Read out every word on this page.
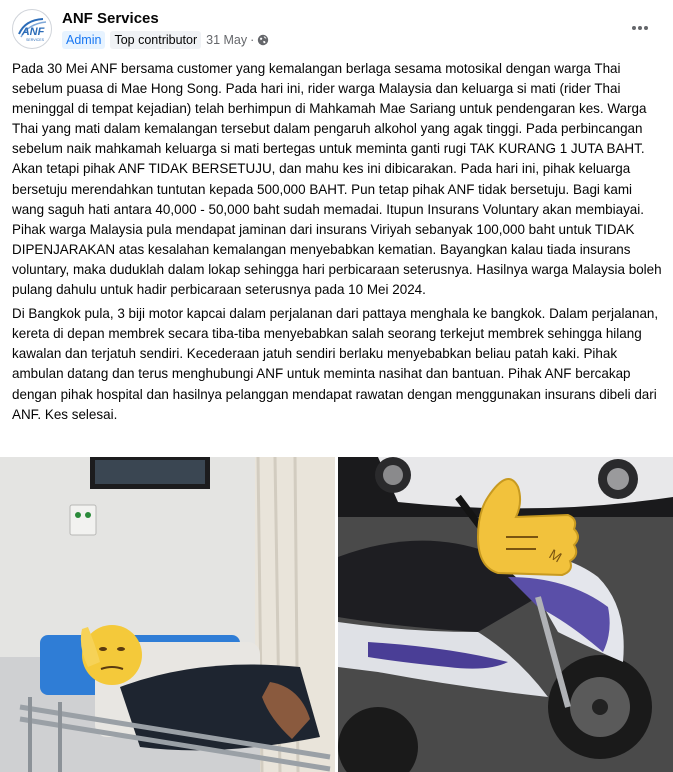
ANF
SERVICES
ANF Services
Admin	Top contributor 31 May ·

Pada 30 Mei ANF bersama customer yang kemalangan berlaga sesama motosikal dengan warga Thai sebelum puasa di Mae Hong Song. Pada hari ini, rider warga Malaysia dan keluarga si mati (rider Thai meninggal di tempat kejadian) telah berhimpun di Mahkamah Mae Sariang untuk pendengaran kes. Warga Thai yang mati dalam kemalangan tersebut dalam pengaruh alkohol yang agak tinggi. Pada perbincangan sebelum naik mahkamah keluarga si mati bertegas untuk meminta ganti rugi TAK KURANG 1 JUTA BAHT. Akan tetapi pihak ANF TIDAK BERSETUJU, dan mahu kes ini dibicarakan. Pada hari ini, pihak keluarga bersetuju merendahkan tuntutan kepada 500,000 BAHT. Pun tetap pihak ANF tidak bersetuju. Bagi kami wang saguh hati antara 40,000 - 50,000 baht sudah memadai. Itupun Insurans Voluntary akan membiayai. Pihak warga Malaysia pula mendapat jaminan dari insurans Viriyah sebanyak 100,000 baht untuk TIDAK DIPENJARAKAN atas kesalahan kemalangan menyebabkan kematian. Bayangkan kalau tiada insurans voluntary, maka duduklah dalam lokap sehingga hari perbicaraan seterusnya. Hasilnya warga Malaysia boleh pulang dahulu untuk hadir perbicaraan seterusnya pada 10 Mei 2024.

Di Bangkok pula, 3 biji motor kapcai dalam perjalanan dari pattaya menghala ke bangkok. Dalam perjalanan, kereta di depan membrek secara tiba-tiba menyebabkan salah seorang terkejut membrek sehingga hilang kawalan dan terjatuh sendiri. Kecederaan jatuh sendiri berlaku menyebabkan beliau patah kaki. Pihak ambulan datang dan terus menghubungi ANF untuk meminta nasihat dan bantuan. Pihak ANF bercakap dengan pihak hospital dan hasilnya pelanggan mendapat rawatan dengan menggunakan insurans dibeli dari ANF. Kes selesai.

M
